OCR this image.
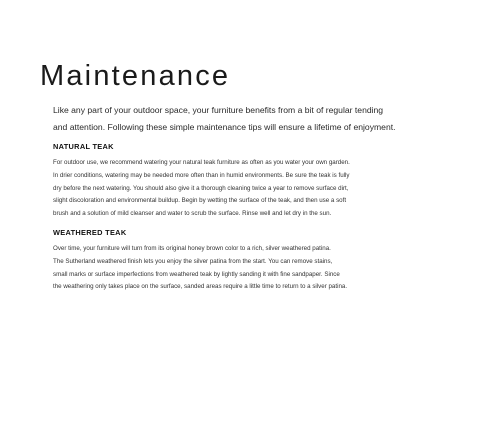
Maintenance

Like any part of your outdoor space, your furniture benefits from a bit of regular tending
and attention. Following these simple maintenance tips will ensure a lifetime of enjoyment.

NATURAL TEAK

For outdoor use, we recommend watering your natural teak furniture as often as you water your own garden.
In drier conditions, watering may be needed more often than in humid environments. Be sure the teak is fully
dry before the next watering. You should also give it a thorough cleaning twice a year to remove surface dirt,
slight discoloration and environmental buildup. Begin by wetting the surface of the teak, and then use a soft
brush and a solution of mild cleanser and water to scrub the surface. Rinse well and let dry in the sun.

WEATHERED TEAK

Over time, your furniture will turn from its original honey brown color to a rich, silver weathered patina.
The Sutherland weathered finish lets you enjoy the silver patina from the start. You can remove stains,
small marks or surface imperfections from weathered teak by lightly sanding it with fine sandpaper. Since
the weathering only takes place on the surface, sanded areas require a little time to return to a silver patina.
